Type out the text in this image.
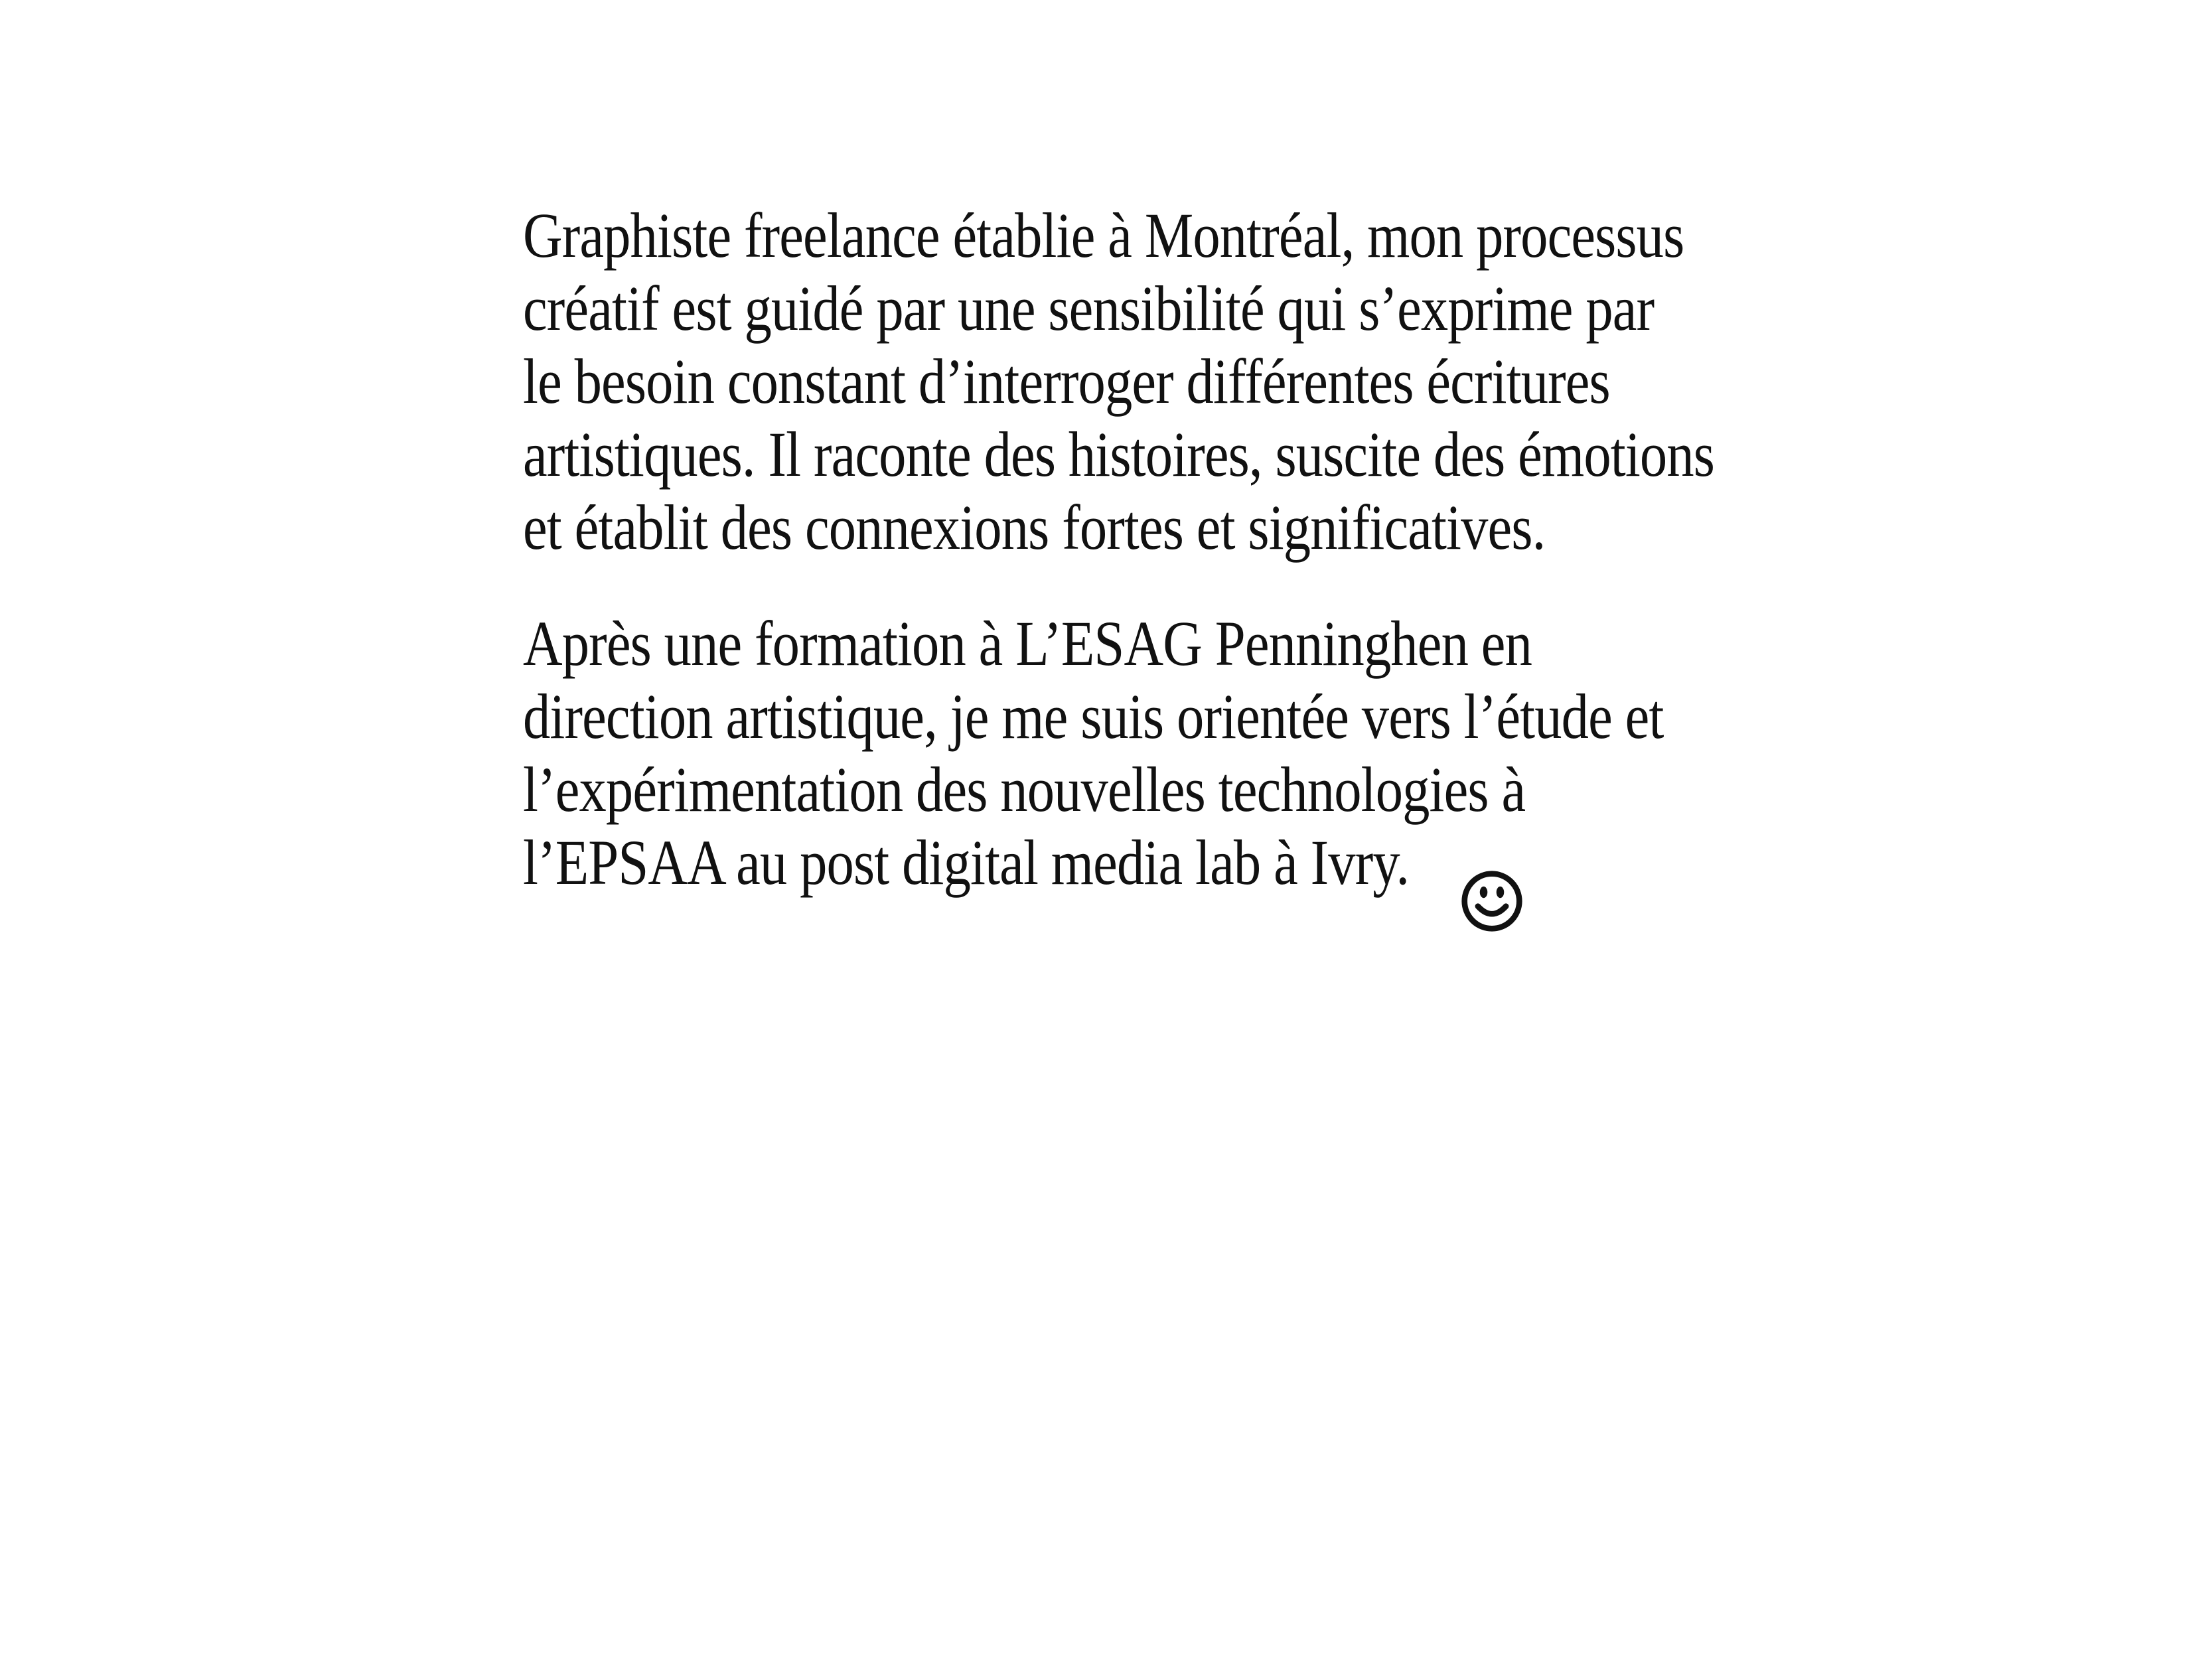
Graphiste freelance établie à Montréal, mon processus
créatif est guidé par une sensibilité qui s’exprime par
le besoin constant d’interroger différentes écritures
artistiques. Il raconte des histoires, suscite des émotions
et établit des connexions fortes et significatives.

Après une formation à L’ESAG Penninghen en
direction artistique, je me suis orientée vers l’étude et
l’expérimentation des nouvelles technologies à
l’EPSAA au post digital media lab à Ivry.
